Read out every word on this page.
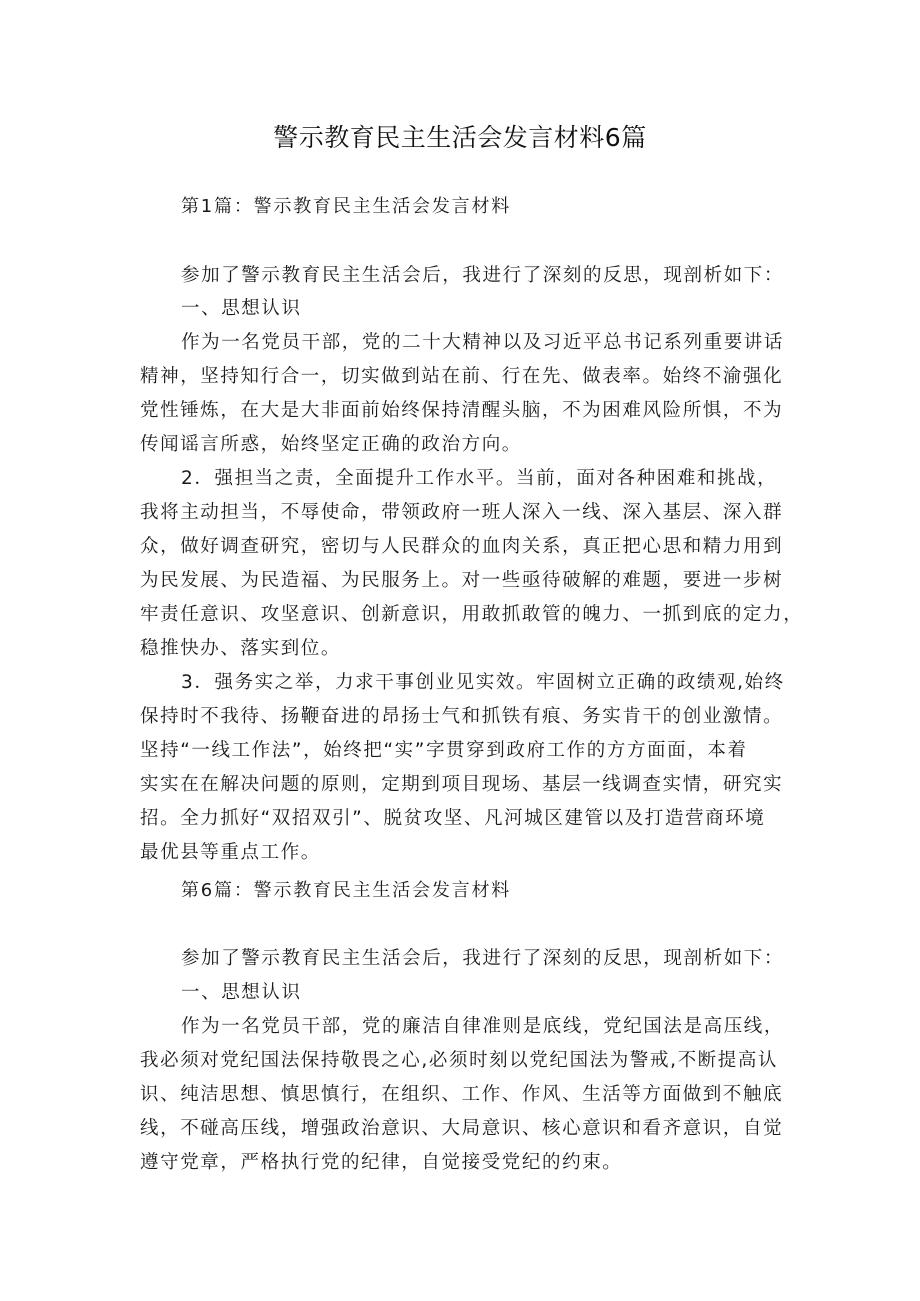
警示教育民主生活会发言材料6篇
第1篇：警示教育民主生活会发言材料
参加了警示教育民主生活会后，我进行了深刻的反思，现剖析如下：
一、思想认识
作为一名党员干部，党的二十大精神以及习近平总书记系列重要讲话
精神，坚持知行合一，切实做到站在前、行在先、做表率。始终不渝强化
党性锤炼，在大是大非面前始终保持清醒头脑，不为困难风险所惧，不为
传闻谣言所惑，始终坚定正确的政治方向。
2．强担当之责，全面提升工作水平。当前，面对各种困难和挑战，
我将主动担当，不辱使命，带领政府一班人深入一线、深入基层、深入群
众，做好调查研究，密切与人民群众的血肉关系，真正把心思和精力用到
为民发展、为民造福、为民服务上。对一些亟待破解的难题，要进一步树
牢责任意识、攻坚意识、创新意识，用敢抓敢管的魄力、一抓到底的定力，
稳推快办、落实到位。
3．强务实之举，力求干事创业见实效。牢固树立正确的政绩观,始终
保持时不我待、扬鞭奋进的昂扬士气和抓铁有痕、务实肯干的创业激情。
坚持“一线工作法”，始终把“实”字贯穿到政府工作的方方面面，本着
实实在在解决问题的原则，定期到项目现场、基层一线调查实情，研究实
招。全力抓好“双招双引”、脱贫攻坚、凡河城区建管以及打造营商环境
最优县等重点工作。
第6篇：警示教育民主生活会发言材料
参加了警示教育民主生活会后，我进行了深刻的反思，现剖析如下：
一、思想认识
作为一名党员干部，党的廉洁自律准则是底线，党纪国法是高压线，
我必须对党纪国法保持敬畏之心,必须时刻以党纪国法为警戒,不断提高认
识、纯洁思想、慎思慎行，在组织、工作、作风、生活等方面做到不触底
线，不碰高压线，增强政治意识、大局意识、核心意识和看齐意识，自觉
遵守党章，严格执行党的纪律，自觉接受党纪的约束。
